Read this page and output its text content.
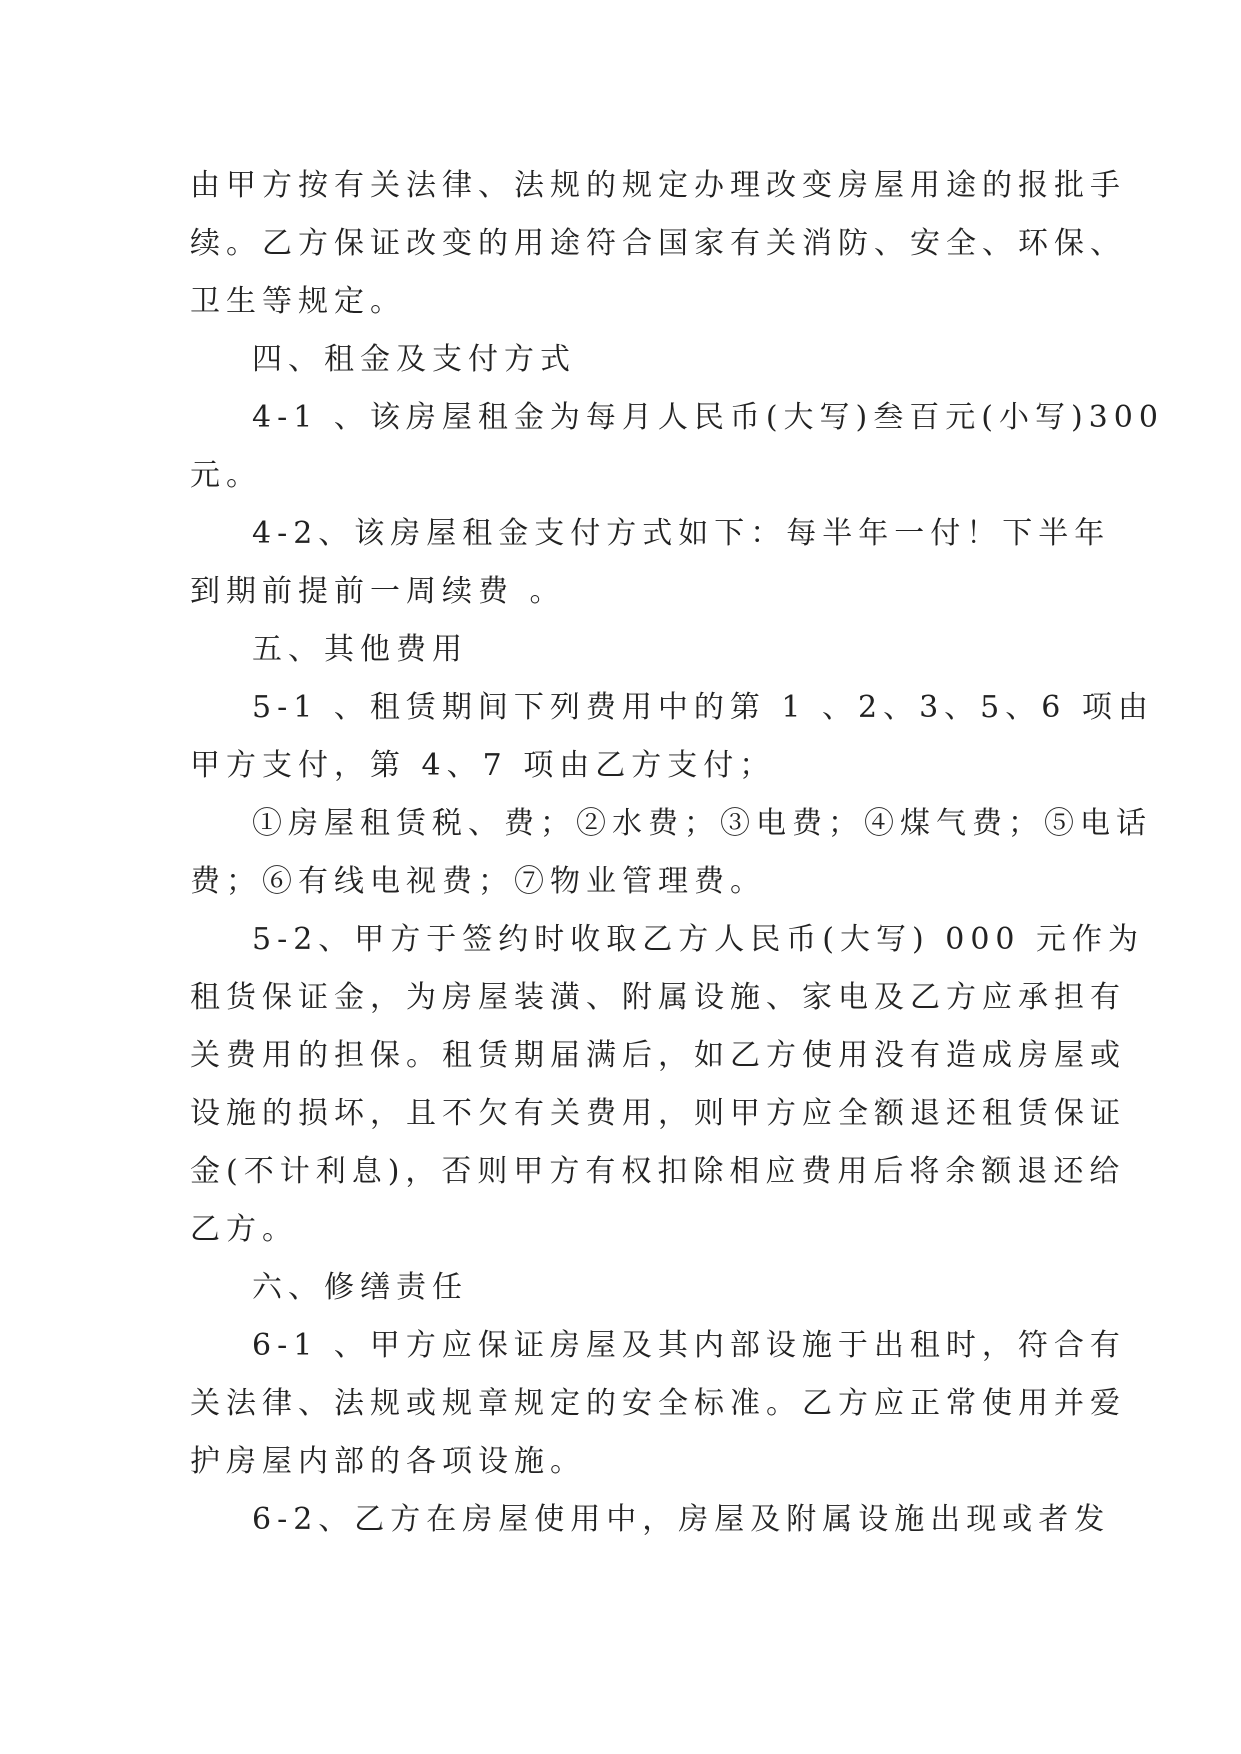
由甲方按有关法律、法规的规定办理改变房屋用途的报批手
续。乙方保证改变的用途符合国家有关消防、安全、环保、
卫生等规定。
四、租金及支付方式
4-1 、该房屋租金为每月人民币(大写)叁百元(小写)300
元。
4-2、该房屋租金支付方式如下：每半年一付！下半年
到期前提前一周续费 。
五、其他费用
5-1 、租赁期间下列费用中的第 1 、2、3、5、6 项由
甲方支付，第 4、7 项由乙方支付；
①房屋租赁税、费；②水费；③电费；④煤气费；⑤电话
费；⑥有线电视费；⑦物业管理费。
5-2、甲方于签约时收取乙方人民币(大写) 000 元作为
租货保证金，为房屋装潢、附属设施、家电及乙方应承担有
关费用的担保。租赁期届满后，如乙方使用没有造成房屋或
设施的损坏，且不欠有关费用，则甲方应全额退还租赁保证
金(不计利息)，否则甲方有权扣除相应费用后将余额退还给
乙方。
六、修缮责任
6-1 、甲方应保证房屋及其内部设施于出租时，符合有
关法律、法规或规章规定的安全标准。乙方应正常使用并爱
护房屋内部的各项设施。
6-2、乙方在房屋使用中，房屋及附属设施出现或者发
